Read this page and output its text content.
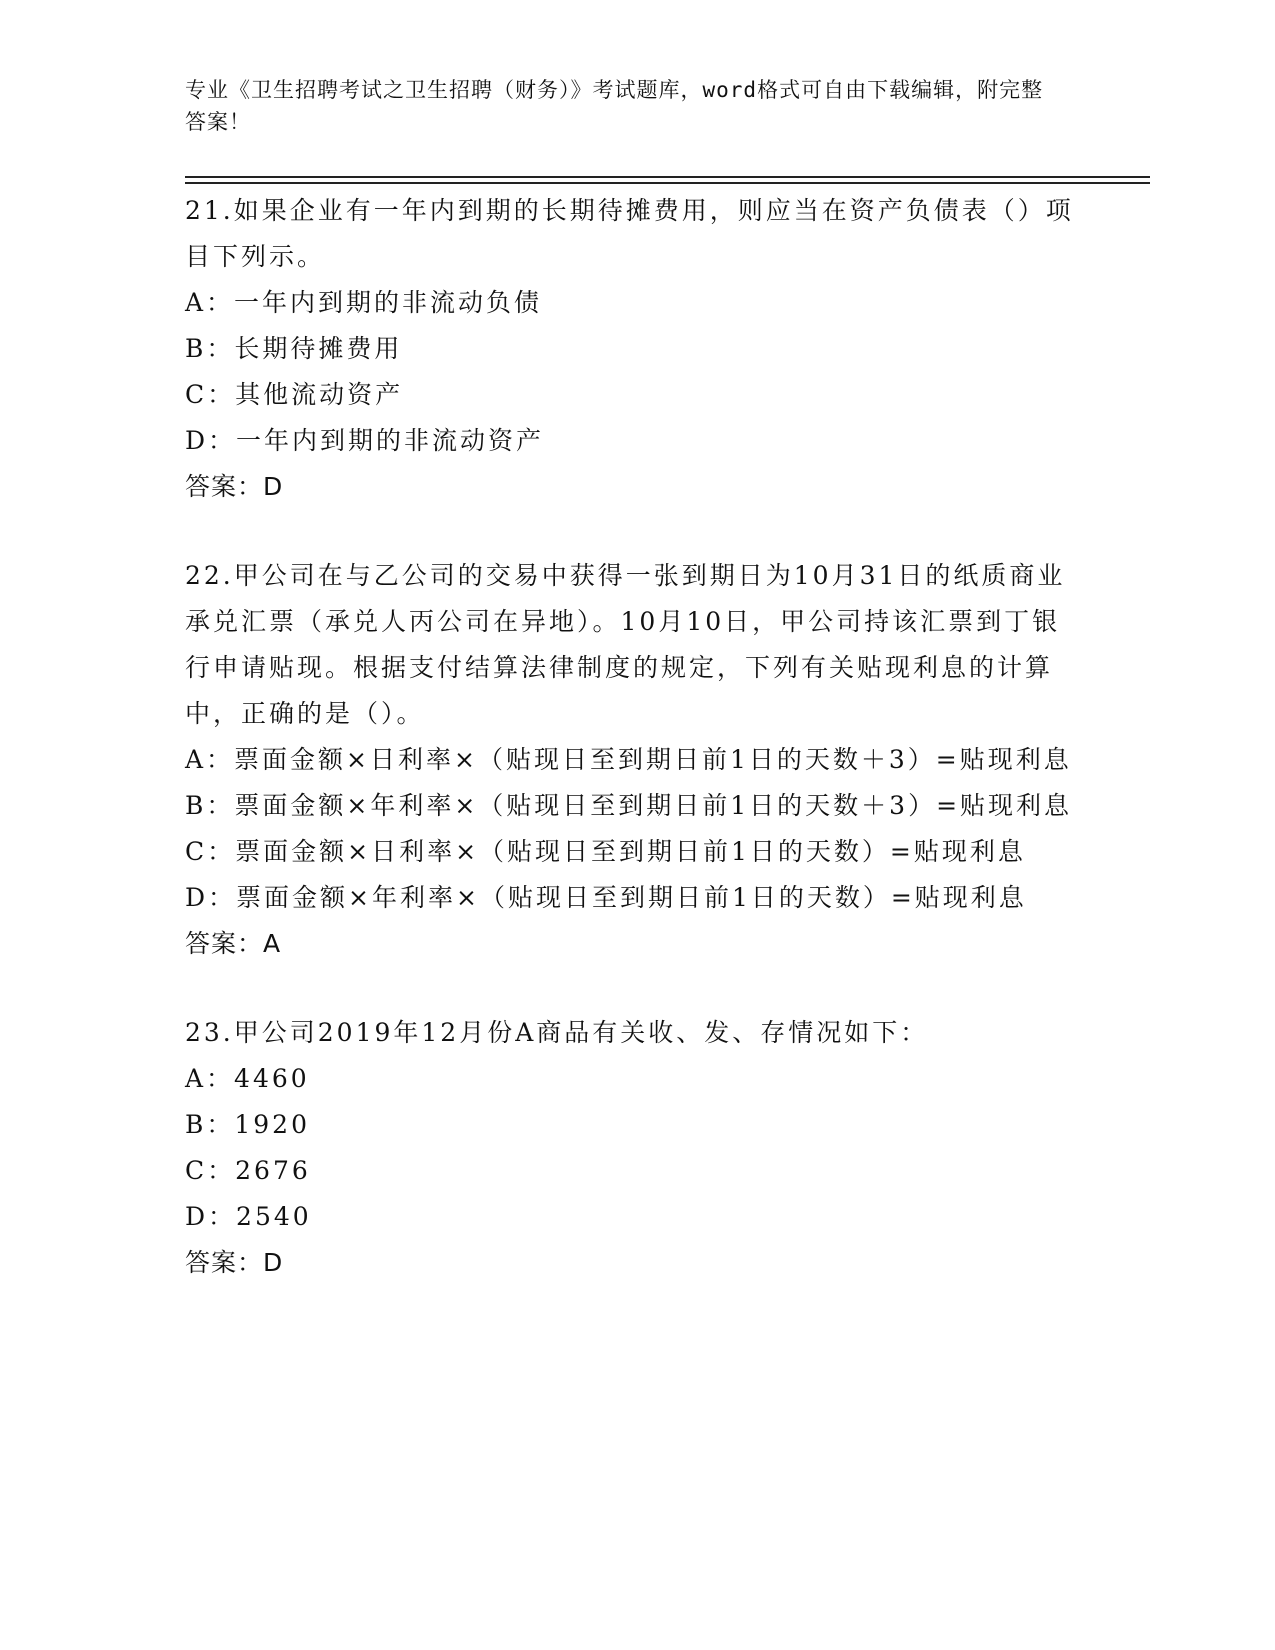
专业《卫生招聘考试之卫生招聘（财务）》考试题库，word格式可自由下载编辑，附完整答案！

21.如果企业有一年内到期的长期待摊费用，则应当在资产负债表（）项目下列示。

A：一年内到期的非流动负债

B：长期待摊费用

C：其他流动资产

D：一年内到期的非流动资产

答案：D

22.甲公司在与乙公司的交易中获得一张到期日为10月31日的纸质商业承兑汇票（承兑人丙公司在异地）。10月10日，甲公司持该汇票到丁银行申请贴现。根据支付结算法律制度的规定，下列有关贴现利息的计算中，正确的是（）。

A：票面金额×日利率×（贴现日至到期日前1日的天数＋3）=贴现利息

B：票面金额×年利率×（贴现日至到期日前1日的天数＋3）=贴现利息

C：票面金额×日利率×（贴现日至到期日前1日的天数）=贴现利息

D：票面金额×年利率×（贴现日至到期日前1日的天数）=贴现利息

答案：A

23.甲公司2019年12月份A商品有关收、发、存情况如下：

A：4460

B：1920

C：2676

D：2540

答案：D
